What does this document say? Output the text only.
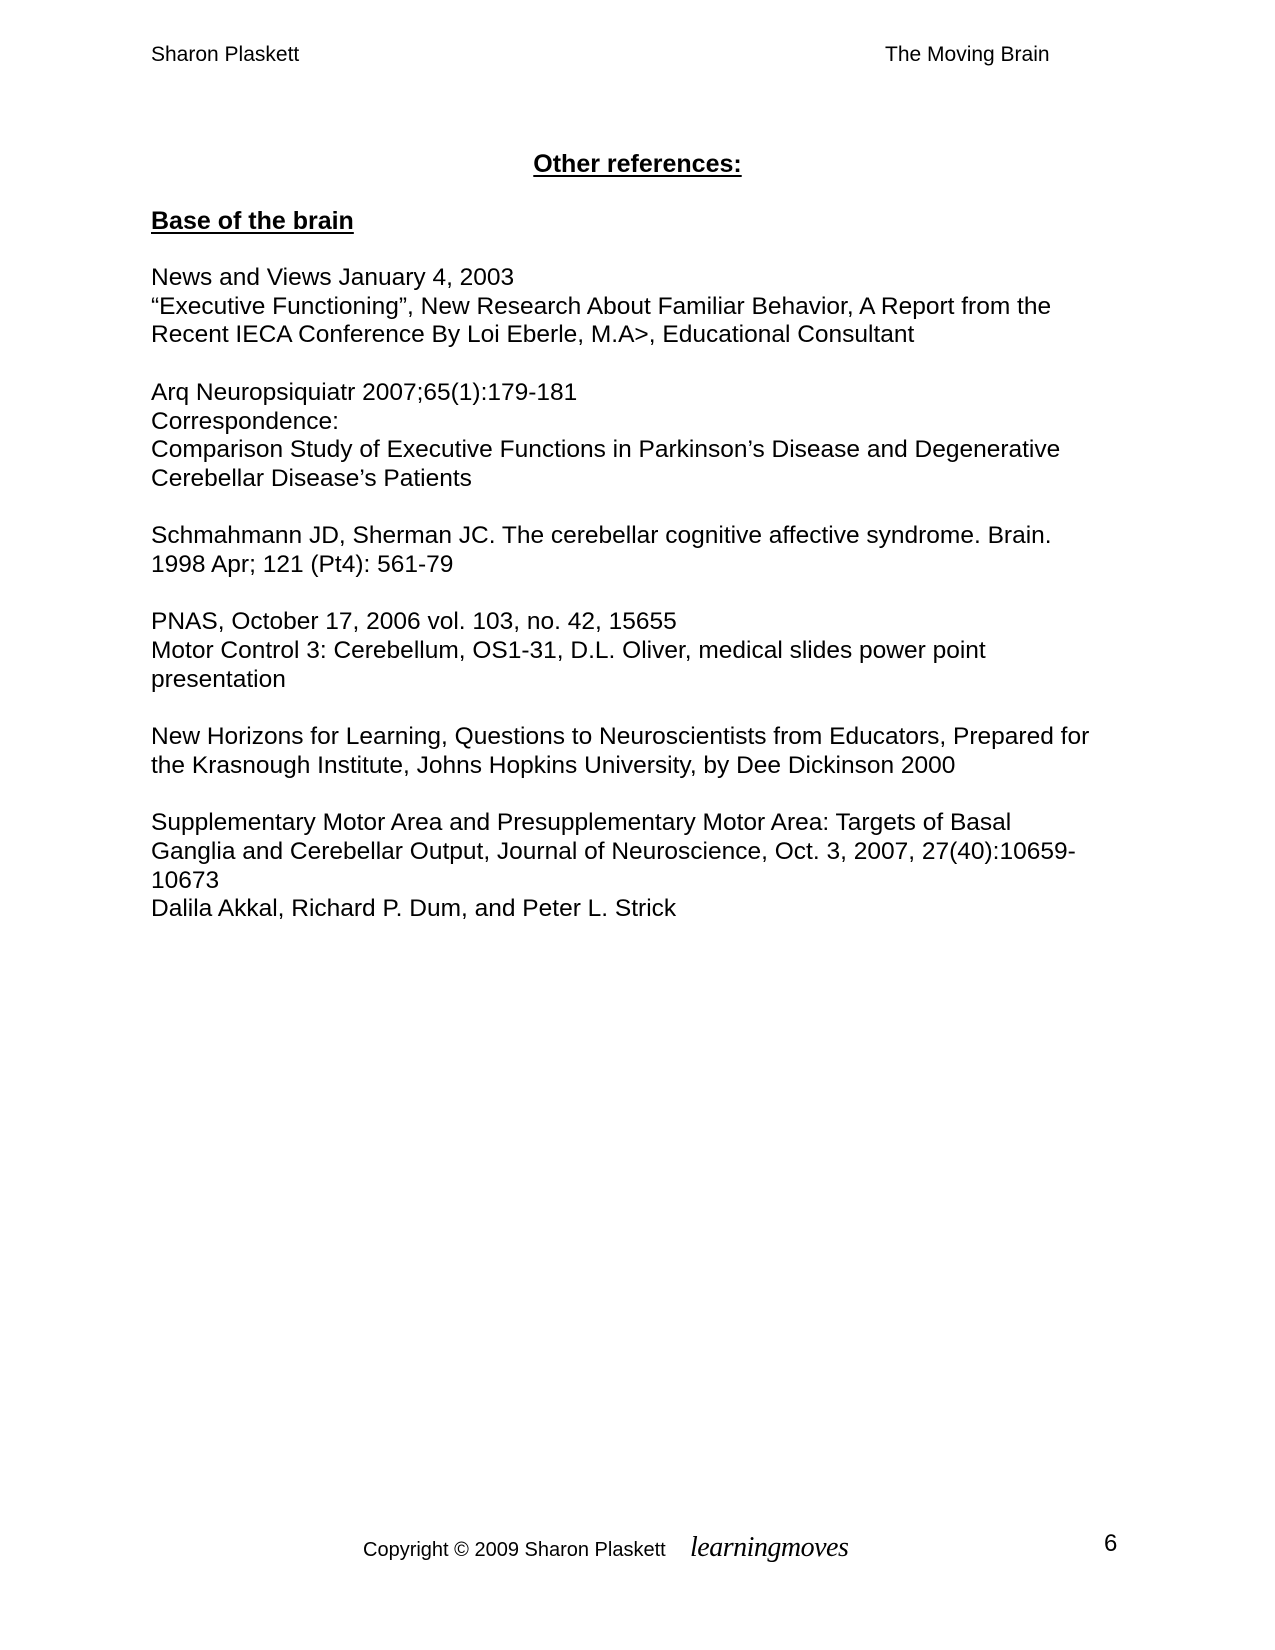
Sharon Plaskett	The Moving Brain
Other references:
Base of the brain
News and Views January 4, 2003
“Executive Functioning”, New Research About Familiar Behavior, A Report from the
Recent IECA Conference By Loi Eberle, M.A>, Educational Consultant
Arq Neuropsiquiatr 2007;65(1):179-181
Correspondence:
Comparison Study of Executive Functions in Parkinson’s Disease and Degenerative
Cerebellar Disease’s Patients
Schmahmann JD, Sherman JC. The cerebellar cognitive affective syndrome. Brain.
1998 Apr; 121 (Pt4): 561-79
PNAS, October 17, 2006 vol. 103, no. 42, 15655
Motor Control 3: Cerebellum, OS1-31, D.L. Oliver, medical slides power point
presentation
New Horizons for Learning, Questions to Neuroscientists from Educators, Prepared for
the Krasnough Institute, Johns Hopkins University, by Dee Dickinson 2000
Supplementary Motor Area and Presupplementary Motor Area: Targets of Basal
Ganglia and Cerebellar Output, Journal of Neuroscience, Oct. 3, 2007, 27(40):10659-
10673
Dalila Akkal, Richard P. Dum, and Peter L. Strick
Copyright © 2009 Sharon Plaskett learningmoves	6
